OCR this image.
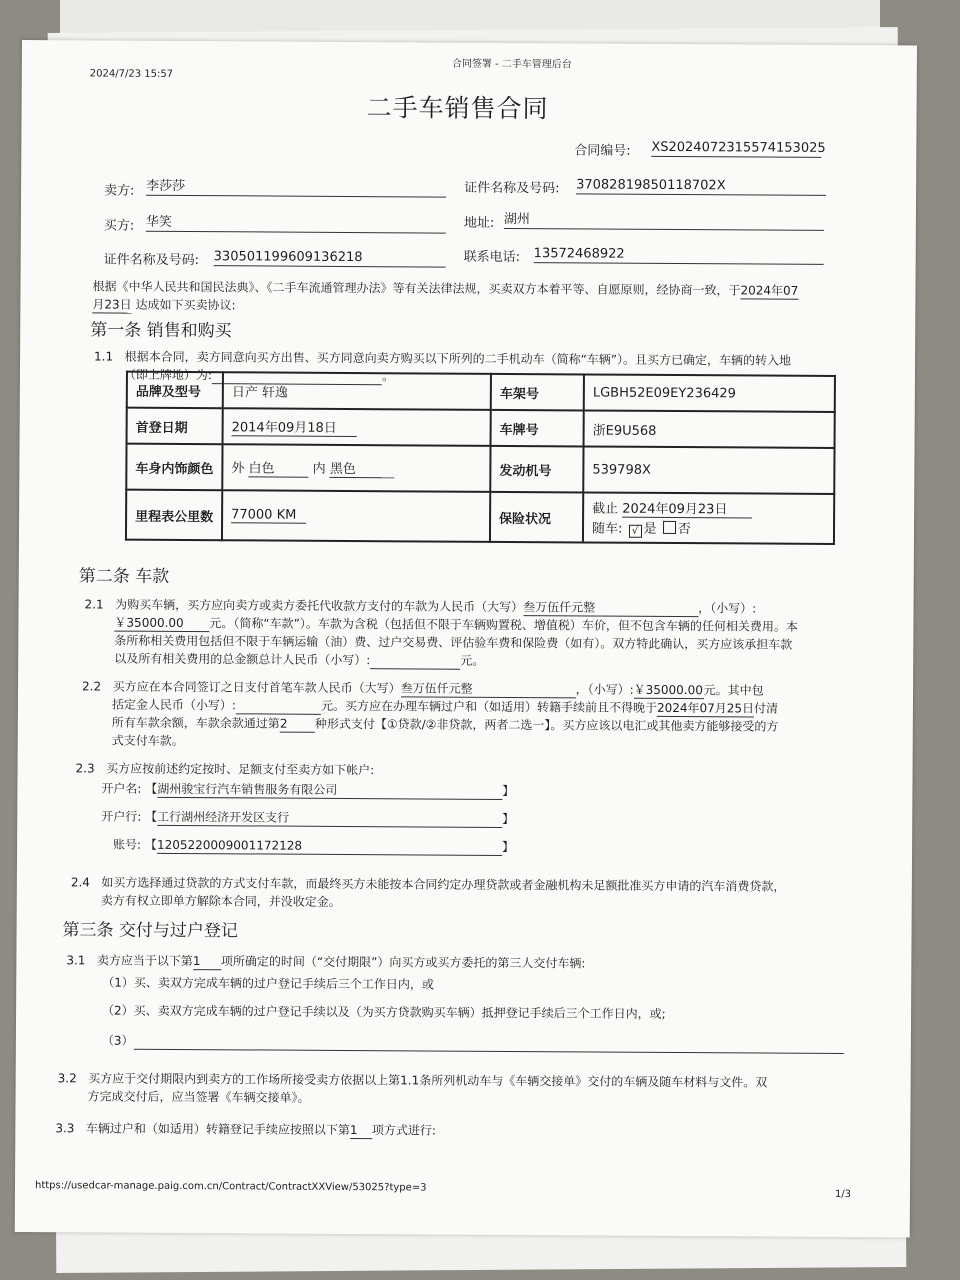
2024/7/23 15:57
合同签署 - 二手车管理后台
二手车销售合同
合同编号: XS2024072315574153025
卖方: 李莎莎	证件名称及号码: 37082819850118702X
买方: 华笑	地址: 湖州
证件名称及号码: 330501199609136218	联系电话: 13572468922
根据《中华人民共和国民法典》、《二手车流通管理办法》等有关法律法规，买卖双方本着平等、自愿原则，经协商一致，于2024年07
月23日 达成如下买卖协议:
第一条 销售和购买
1.1 根据本合同，卖方同意向买方出售、买方同意向卖方购买以下所列的二手机动车（简称“车辆”）。且买方已确定，车辆的转入地
（即上牌地）为:	。
品牌及型号	日产 轩逸	车架号	LGBH52E09EY236429
首登日期	2014年09月18日	车牌号	浙E9U568
车身内饰颜色	外 白色 内 黑色	发动机号	539798X
里程表公里数	77000 KM	保险状况	截止 2024年09月23日
随车: √ 是 否
第二条 车款
2.1 为购买车辆，买方应向卖方或卖方委托代收款方支付的车款为人民币（大写）叁万伍仟元整	，（小写）:
￥35000.00 元。（简称“车款”）。车款为含税（包括但不限于车辆购置税、增值税）车价，但不包含车辆的任何相关费用。本
条所称相关费用包括但不限于车辆运输（油）费、过户交易费、评估验车费和保险费（如有）。双方特此确认，买方应该承担车款
以及所有相关费用的总金额总计人民币（小写）:	元。
2.2 买方应在本合同签订之日支付首笔车款人民币（大写）叁万伍仟元整	，（小写）:￥35000.00元。其中包
括定金人民币（小写）:	元。买方应在办理车辆过户和（如适用）转籍手续前且不得晚于2024年07月25日付清
所有车款余额，车款余款通过第2 种形式支付【①贷款/②非贷款，两者二选一】。买方应该以电汇或其他卖方能够接受的方
式支付车款。
2.3 买方应按前述约定按时、足额支付至卖方如下帐户:
开户名: 【湖州骏宝行汽车销售服务有限公司	】
开户行: 【工行湖州经济开发区支行	】
账号: 【1205220009001172128	】
2.4 如买方选择通过贷款的方式支付车款，而最终买方未能按本合同约定办理贷款或者金融机构未足额批准买方申请的汽车消费贷款，
卖方有权立即单方解除本合同，并没收定金。
第三条 交付与过户登记
3.1 卖方应当于以下第1 项所确定的时间（“交付期限”）向买方或买方委托的第三人交付车辆:
（1）买、卖双方完成车辆的过户登记手续后三个工作日内，或
（2）买、卖双方完成车辆的过户登记手续以及（为买方贷款购买车辆）抵押登记手续后三个工作日内，或;
（3）
3.2 买方应于交付期限内到卖方的工作场所接受卖方依据以上第1.1条所列机动车与《车辆交接单》交付的车辆及随车材料与文件。双
方完成交付后，应当签署《车辆交接单》。
3.3 车辆过户和（如适用）转籍登记手续应按照以下第1 项方式进行:
https://usedcar-manage.paig.com.cn/Contract/ContractXXView/53025?type=3
1/3
